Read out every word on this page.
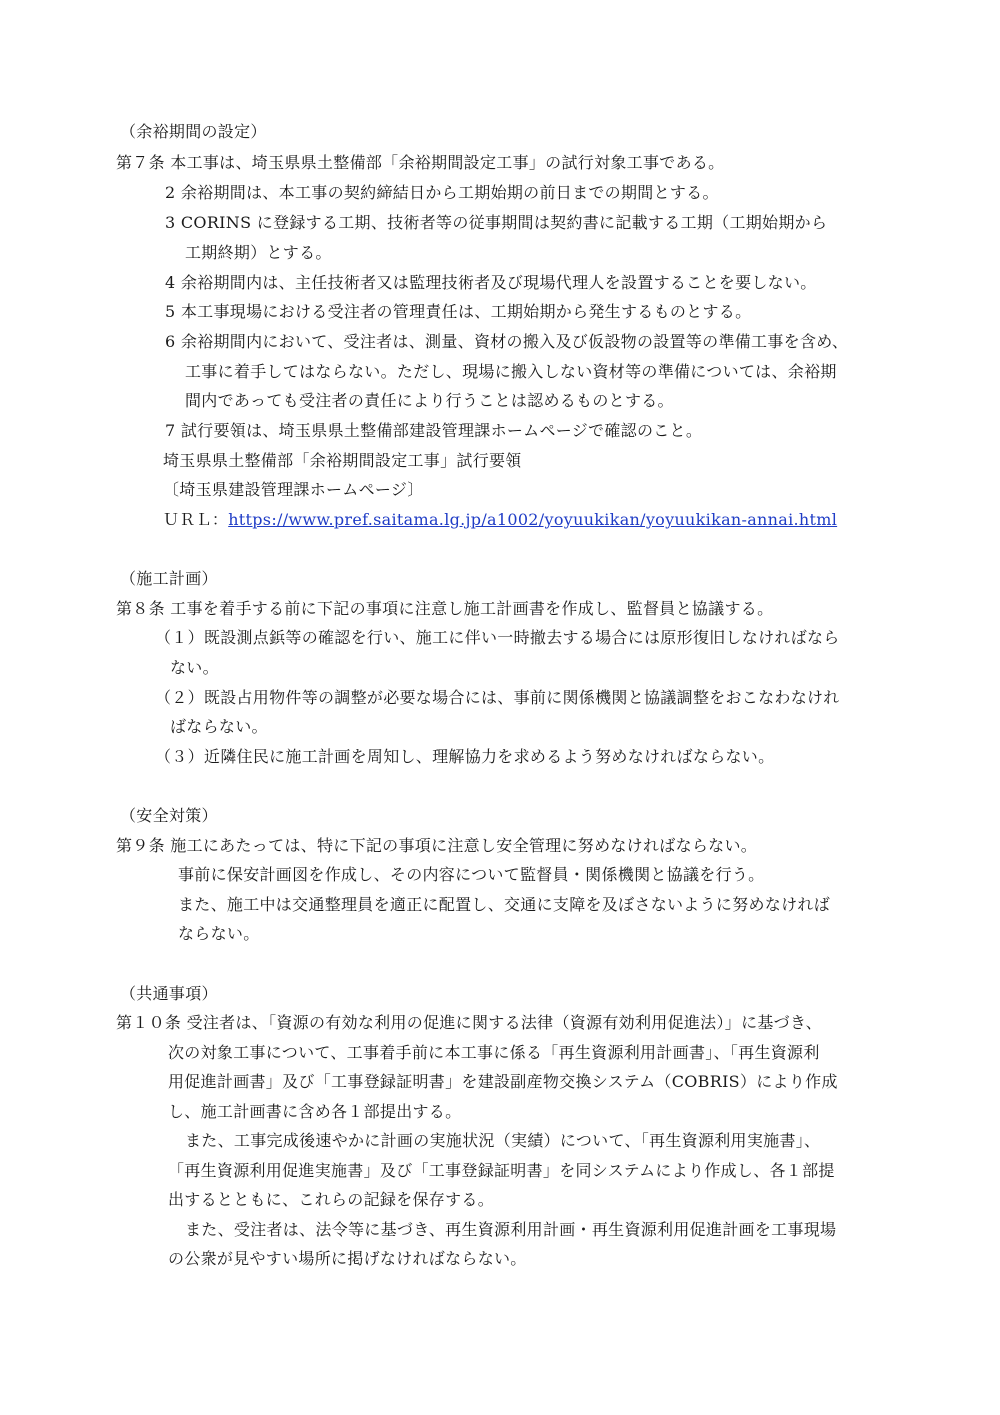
（余裕期間の設定）
第７条 本工事は、埼玉県県土整備部「余裕期間設定工事」の試行対象工事である。
2 余裕期間は、本工事の契約締結日から工期始期の前日までの期間とする。
3 CORINS に登録する工期、技術者等の従事期間は契約書に記載する工期（工期始期から
工期終期）とする。
4 余裕期間内は、主任技術者又は監理技術者及び現場代理人を設置することを要しない。
5 本工事現場における受注者の管理責任は、工期始期から発生するものとする。
6 余裕期間内において、受注者は、測量、資材の搬入及び仮設物の設置等の準備工事を含め、
工事に着手してはならない。ただし、現場に搬入しない資材等の準備については、余裕期
間内であっても受注者の責任により行うことは認めるものとする。
7 試行要領は、埼玉県県土整備部建設管理課ホームページで確認のこと。
埼玉県県土整備部「余裕期間設定工事」試行要領
〔埼玉県建設管理課ホームページ〕
ＵＲＬ：https://www.pref.saitama.lg.jp/a1002/yoyuukikan/yoyuukikan-annai.html
（施工計画）
第８条 工事を着手する前に下記の事項に注意し施工計画書を作成し、監督員と協議する。
（１）既設測点鋲等の確認を行い、施工に伴い一時撤去する場合には原形復旧しなければなら
ない。
（２）既設占用物件等の調整が必要な場合には、事前に関係機関と協議調整をおこなわなけれ
ばならない。
（３）近隣住民に施工計画を周知し、理解協力を求めるよう努めなければならない。
（安全対策）
第９条 施工にあたっては、特に下記の事項に注意し安全管理に努めなければならない。
事前に保安計画図を作成し、その内容について監督員・関係機関と協議を行う。
また、施工中は交通整理員を適正に配置し、交通に支障を及ぼさないように努めなければ
ならない。
（共通事項）
第１０条 受注者は、「資源の有効な利用の促進に関する法律（資源有効利用促進法）」に基づき、
次の対象工事について、工事着手前に本工事に係る「再生資源利用計画書」、「再生資源利
用促進計画書」及び「工事登録証明書」を建設副産物交換システム（COBRIS）により作成
し、施工計画書に含め各１部提出する。
また、工事完成後速やかに計画の実施状況（実績）について、「再生資源利用実施書」、
「再生資源利用促進実施書」及び「工事登録証明書」を同システムにより作成し、各１部提
出するとともに、これらの記録を保存する。
また、受注者は、法令等に基づき、再生資源利用計画・再生資源利用促進計画を工事現場
の公衆が見やすい場所に掲げなければならない。
